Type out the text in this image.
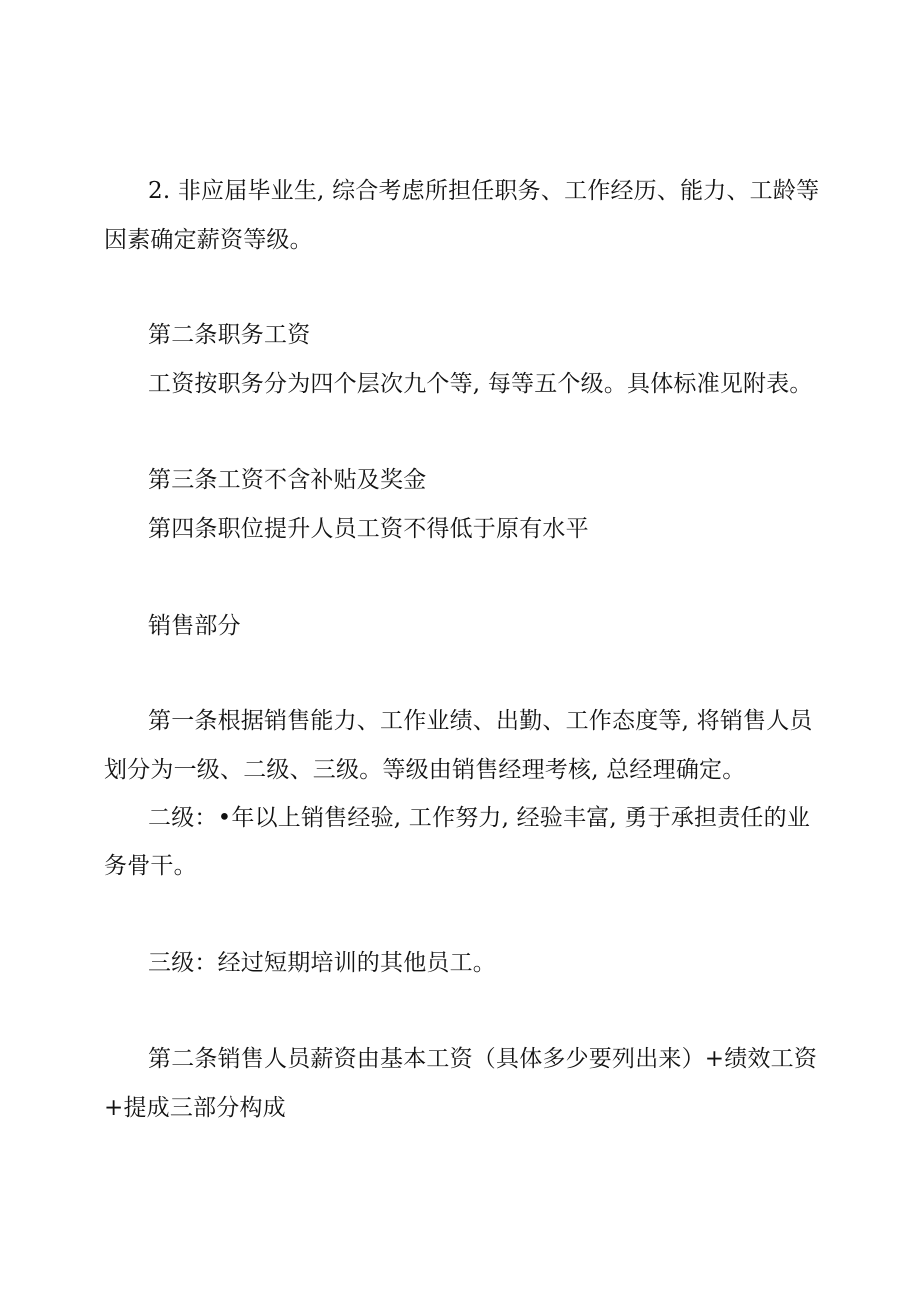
2. 非应届毕业生, 综合考虑所担任职务、工作经历、能力、工龄等
因素确定薪资等级。
第二条职务工资
工资按职务分为四个层次九个等, 每等五个级。具体标准见附表。
第三条工资不含补贴及奖金
第四条职位提升人员工资不得低于原有水平
销售部分
第一条根据销售能力、工作业绩、出勤、工作态度等, 将销售人员
划分为一级、二级、三级。等级由销售经理考核, 总经理确定。
二级：•年以上销售经验, 工作努力, 经验丰富, 勇于承担责任的业
务骨干。
三级：经过短期培训的其他员工。
第二条销售人员薪资由基本工资（具体多少要列出来）+绩效工资
+提成三部分构成
